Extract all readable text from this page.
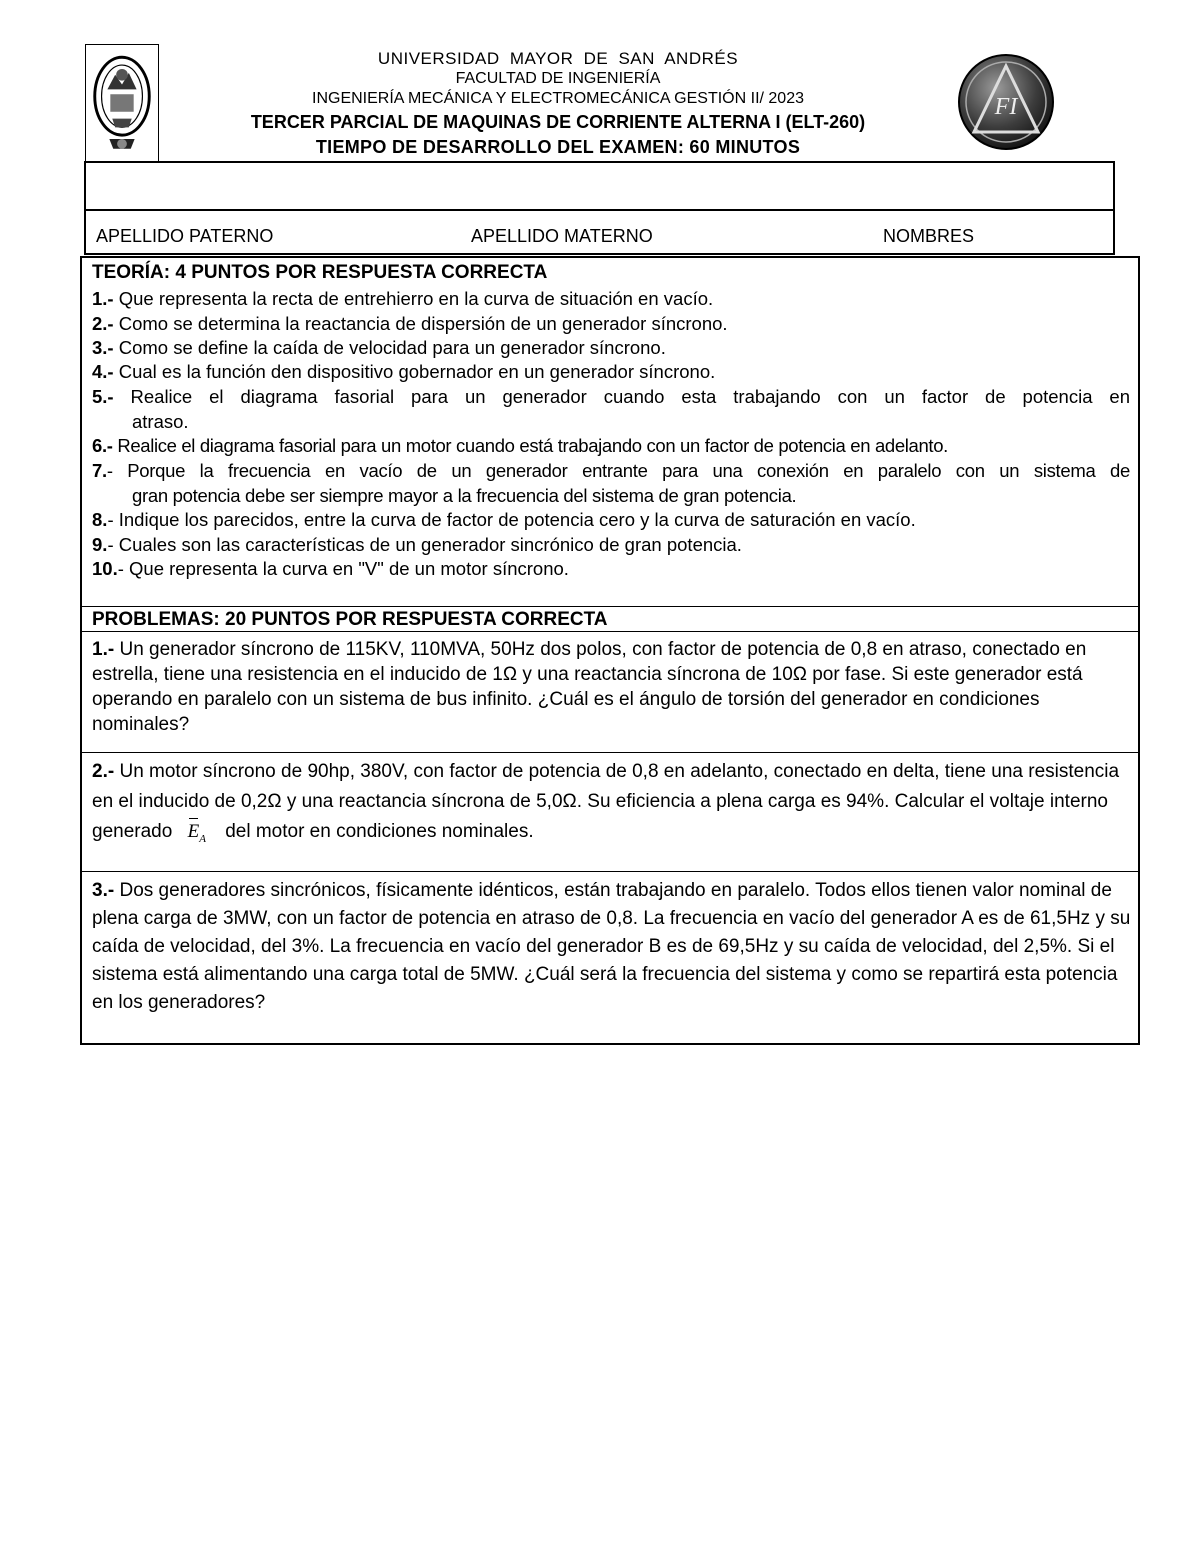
UNIVERSIDAD MAYOR DE SAN ANDRÉS
FACULTAD DE INGENIERÍA
INGENIERÍA MECÁNICA Y ELECTROMECÁNICA GESTIÓN II/ 2023
TERCER PARCIAL DE MAQUINAS DE CORRIENTE ALTERNA I (ELT-260)
TIEMPO DE DESARROLLO DEL EXAMEN: 60 MINUTOS
FI
APELLIDO PATERNO	APELLIDO MATERNO	NOMBRES
TEORÍA: 4 PUNTOS POR RESPUESTA CORRECTA
1.- Que representa la recta de entrehierro en la curva de situación en vacío.
2.- Como se determina la reactancia de dispersión de un generador síncrono.
3.- Como se define la caída de velocidad para un generador síncrono.
4.- Cual es la función den dispositivo gobernador en un generador síncrono.
5.- Realice el diagrama fasorial para un generador cuando esta trabajando con un factor de potencia en
atraso.
6.- Realice el diagrama fasorial para un motor cuando está trabajando con un factor de potencia en adelanto.
7.- Porque la frecuencia en vacío de un generador entrante para una conexión en paralelo con un sistema de
gran potencia debe ser siempre mayor a la frecuencia del sistema de gran potencia.
8.- Indique los parecidos, entre la curva de factor de potencia cero y la curva de saturación en vacío.
9.- Cuales son las características de un generador sincrónico de gran potencia.
10.- Que representa la curva en "V" de un motor síncrono.
PROBLEMAS: 20 PUNTOS POR RESPUESTA CORRECTA
1.- Un generador síncrono de 115KV, 110MVA, 50Hz dos polos, con factor de potencia de 0,8 en atraso, conectado en estrella, tiene una resistencia en el inducido de 1Ω y una reactancia síncrona de 10Ω por fase. Si este generador está operando en paralelo con un sistema de bus infinito. ¿Cuál es el ángulo de torsión del generador en condiciones nominales?
2.- Un motor síncrono de 90hp, 380V, con factor de potencia de 0,8 en adelanto, conectado en delta, tiene una resistencia en el inducido de 0,2Ω y una reactancia síncrona de 5,0Ω. Su eficiencia a plena carga es 94%. Calcular el voltaje interno generado $E_A$ del motor en condiciones nominales.
3.- Dos generadores sincrónicos, físicamente idénticos, están trabajando en paralelo. Todos ellos tienen valor nominal de plena carga de 3MW, con un factor de potencia en atraso de 0,8. La frecuencia en vacío del generador A es de 61,5Hz y su caída de velocidad, del 3%. La frecuencia en vacío del generador B es de 69,5Hz y su caída de velocidad, del 2,5%. Si el sistema está alimentando una carga total de 5MW. ¿Cuál será la frecuencia del sistema y como se repartirá esta potencia en los generadores?
